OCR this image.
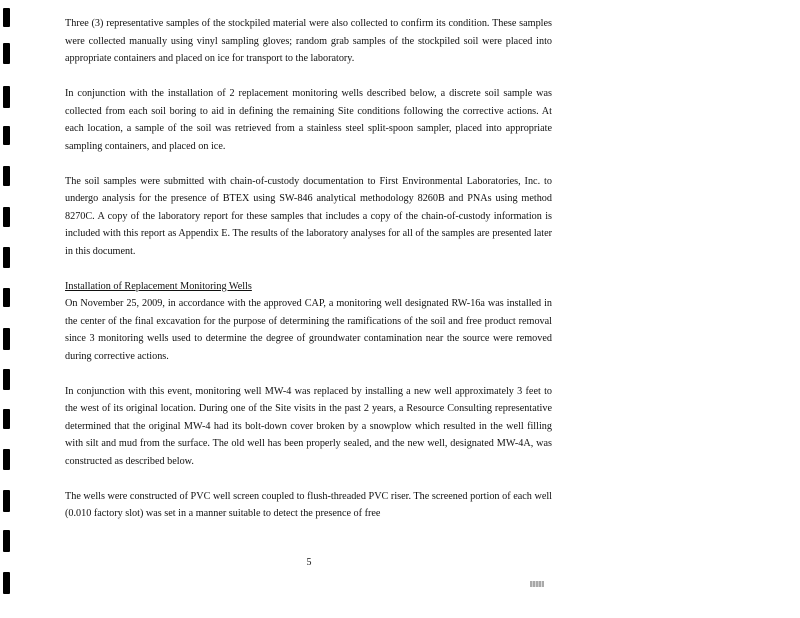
Three (3) representative samples of the stockpiled material were also collected to confirm its condition. These samples were collected manually using vinyl sampling gloves; random grab samples of the stockpiled soil were placed into appropriate containers and placed on ice for transport to the laboratory.

In conjunction with the installation of 2 replacement monitoring wells described below, a discrete soil sample was collected from each soil boring to aid in defining the remaining Site conditions following the corrective actions. At each location, a sample of the soil was retrieved from a stainless steel split-spoon sampler, placed into appropriate sampling containers, and placed on ice.

The soil samples were submitted with chain-of-custody documentation to First Environmental Laboratories, Inc. to undergo analysis for the presence of BTEX using SW-846 analytical methodology 8260B and PNAs using method 8270C. A copy of the laboratory report for these samples that includes a copy of the chain-of-custody information is included with this report as Appendix E. The results of the laboratory analyses for all of the samples are presented later in this document.

Installation of Replacement Monitoring Wells

On November 25, 2009, in accordance with the approved CAP, a monitoring well designated RW-16a was installed in the center of the final excavation for the purpose of determining the ramifications of the soil and free product removal since 3 monitoring wells used to determine the degree of groundwater contamination near the source were removed during corrective actions.

In conjunction with this event, monitoring well MW-4 was replaced by installing a new well approximately 3 feet to the west of its original location. During one of the Site visits in the past 2 years, a Resource Consulting representative determined that the original MW-4 had its bolt-down cover broken by a snowplow which resulted in the well filling with silt and mud from the surface. The old well has been properly sealed, and the new well, designated MW-4A, was constructed as described below.

The wells were constructed of PVC well screen coupled to flush-threaded PVC riser. The screened portion of each well (0.010 factory slot) was set in a manner suitable to detect the presence of free

5
